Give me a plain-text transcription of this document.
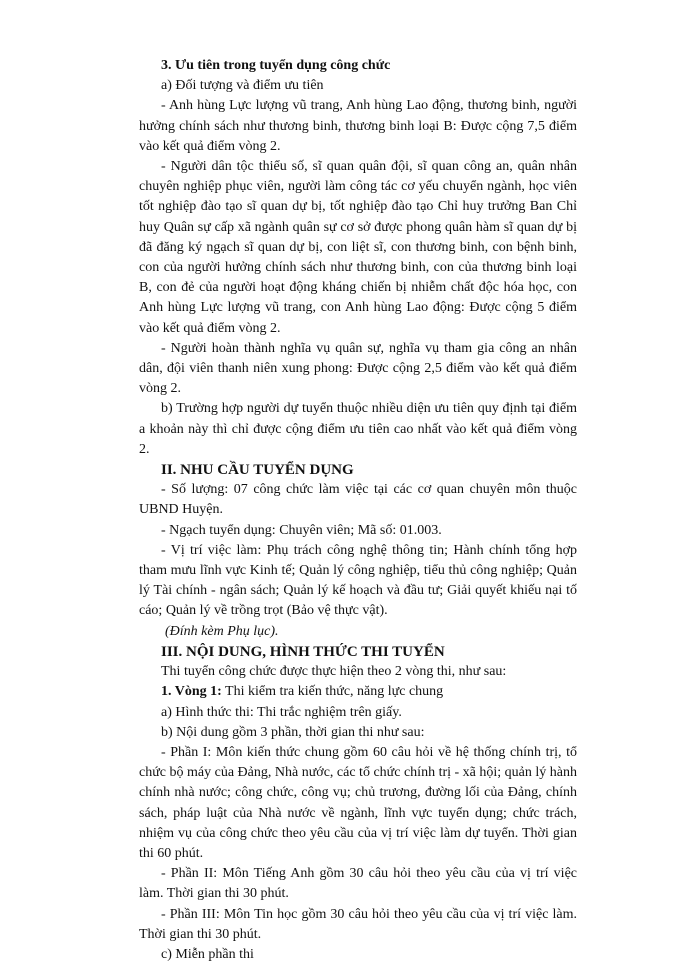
3. Ưu tiên trong tuyển dụng công chức

a) Đối tượng và điểm ưu tiên

- Anh hùng Lực lượng vũ trang, Anh hùng Lao động, thương binh, người hưởng chính sách như thương binh, thương binh loại B: Được cộng 7,5 điểm vào kết quả điểm vòng 2.

- Người dân tộc thiểu số, sĩ quan quân đội, sĩ quan công an, quân nhân chuyên nghiệp phục viên, người làm công tác cơ yếu chuyển ngành, học viên tốt nghiệp đào tạo sĩ quan dự bị, tốt nghiệp đào tạo Chỉ huy trưởng Ban Chỉ huy Quân sự cấp xã ngành quân sự cơ sở được phong quân hàm sĩ quan dự bị đã đăng ký ngạch sĩ quan dự bị, con liệt sĩ, con thương binh, con bệnh binh, con của người hưởng chính sách như thương binh, con của thương binh loại B, con đẻ của người hoạt động kháng chiến bị nhiễm chất độc hóa học, con Anh hùng Lực lượng vũ trang, con Anh hùng Lao động: Được cộng 5 điểm vào kết quả điểm vòng 2.

- Người hoàn thành nghĩa vụ quân sự, nghĩa vụ tham gia công an nhân dân, đội viên thanh niên xung phong: Được cộng 2,5 điểm vào kết quả điểm vòng 2.

b) Trường hợp người dự tuyển thuộc nhiều diện ưu tiên quy định tại điểm a khoản này thì chỉ được cộng điểm ưu tiên cao nhất vào kết quả điểm vòng 2.

II. NHU CẦU TUYỂN DỤNG

- Số lượng: 07 công chức làm việc tại các cơ quan chuyên môn thuộc UBND Huyện.

- Ngạch tuyển dụng: Chuyên viên; Mã số: 01.003.

- Vị trí việc làm: Phụ trách công nghệ thông tin; Hành chính tổng hợp tham mưu lĩnh vực Kinh tế; Quản lý công nghiệp, tiểu thủ công nghiệp; Quản lý Tài chính - ngân sách; Quản lý kế hoạch và đầu tư; Giải quyết khiếu nại tố cáo; Quản lý về trồng trọt (Bảo vệ thực vật).

(Đính kèm Phụ lục).

III. NỘI DUNG, HÌNH THỨC THI TUYỂN

Thi tuyển công chức được thực hiện theo 2 vòng thi, như sau:

1. Vòng 1: Thi kiểm tra kiến thức, năng lực chung

a) Hình thức thi: Thi trắc nghiệm trên giấy.

b) Nội dung gồm 3 phần, thời gian thi như sau:

- Phần I: Môn kiến thức chung gồm 60 câu hỏi về hệ thống chính trị, tổ chức bộ máy của Đảng, Nhà nước, các tổ chức chính trị - xã hội; quản lý hành chính nhà nước; công chức, công vụ; chủ trương, đường lối của Đảng, chính sách, pháp luật của Nhà nước về ngành, lĩnh vực tuyển dụng; chức trách, nhiệm vụ của công chức theo yêu cầu của vị trí việc làm dự tuyển. Thời gian thi 60 phút.

- Phần II: Môn Tiếng Anh gồm 30 câu hỏi theo yêu cầu của vị trí việc làm. Thời gian thi 30 phút.

- Phần III: Môn Tin học gồm 30 câu hỏi theo yêu cầu của vị trí việc làm. Thời gian thi 30 phút.

c) Miễn phần thi
